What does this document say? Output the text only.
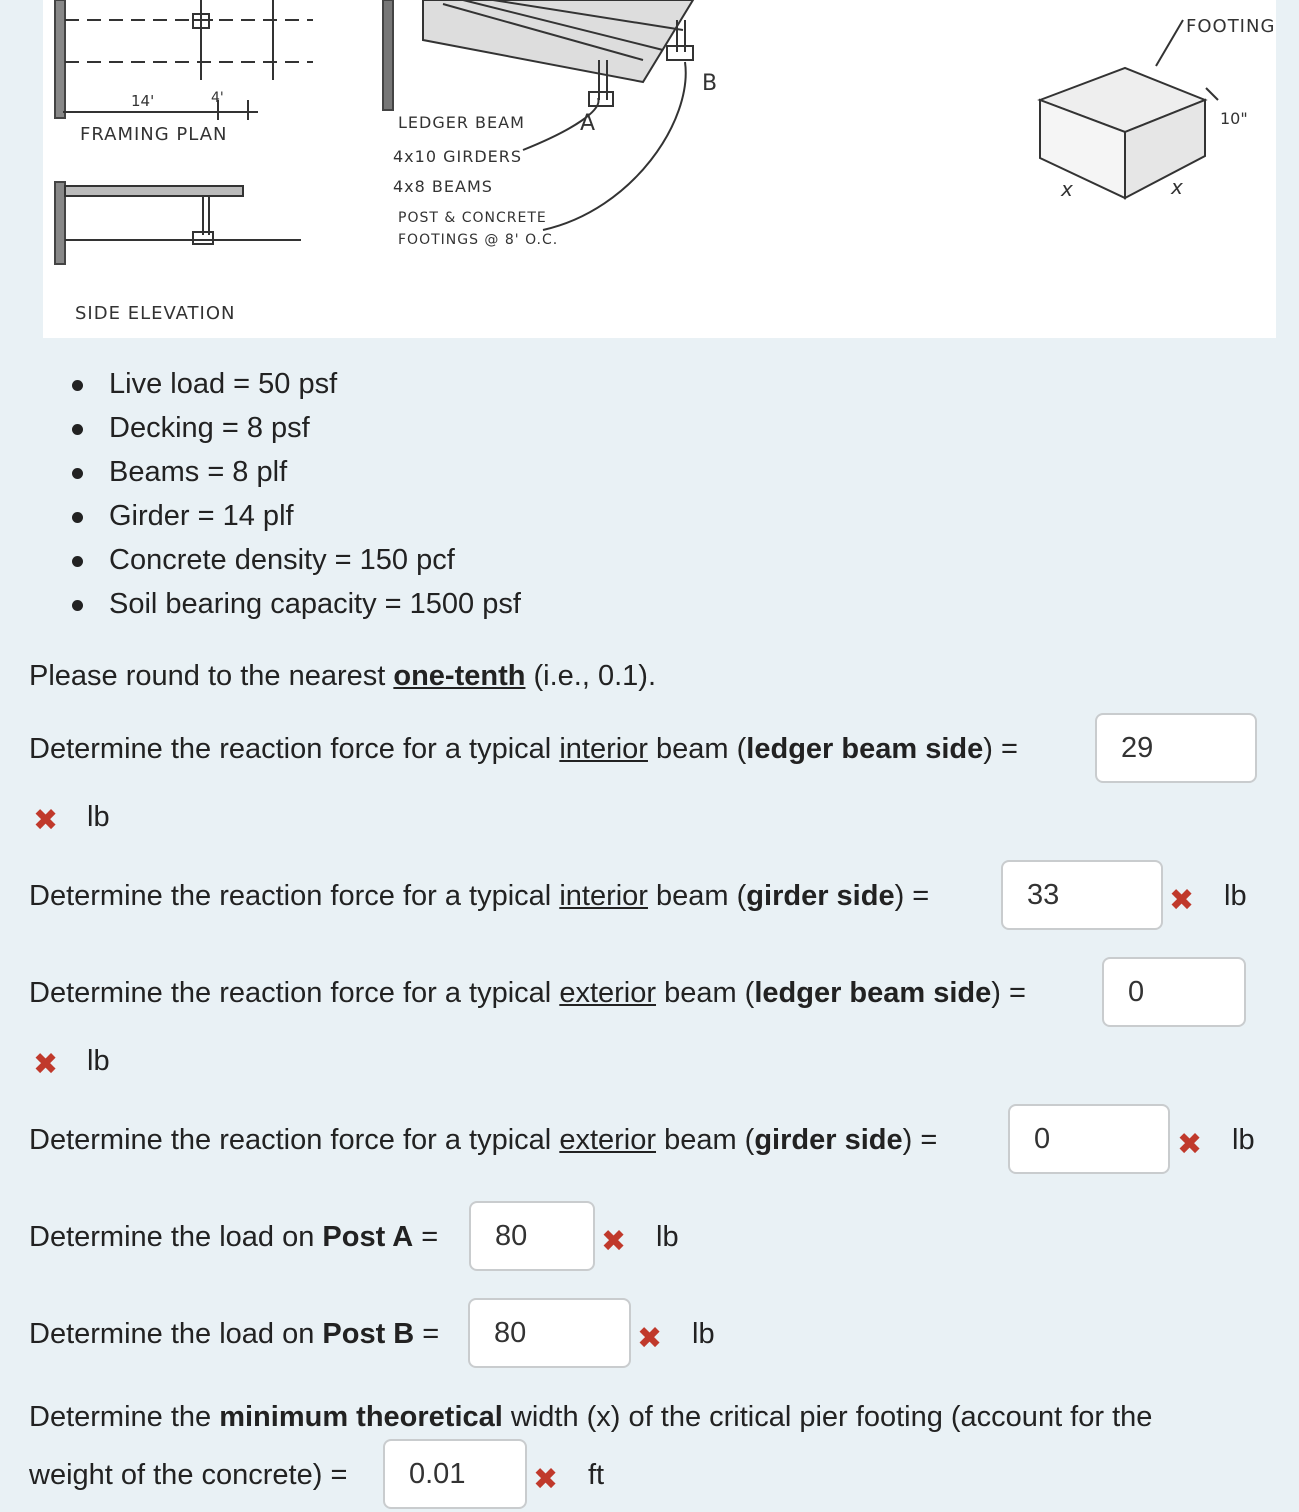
14'	4'
A
B
LEDGER BEAM
4x10 GIRDERS
4x8 BEAMS
POST & CONCRETE
FOOTINGS @ 8' O.C.
FOOTING
10"
x	x
FRAMING PLAN
SIDE ELEVATION
Live load = 50 psf
Decking = 8 psf
Beams = 8 plf
Girder = 14 plf
Concrete density = 150 pcf
Soil bearing capacity = 1500 psf
Please round to the nearest one-tenth (i.e., 0.1).
Determine the reaction force for a typical interior beam (ledger beam side) =	29
✖ lb
Determine the reaction force for a typical interior beam (girder side) =	33	✖ lb
Determine the reaction force for a typical exterior beam (ledger beam side) =	0
✖ lb
Determine the reaction force for a typical exterior beam (girder side) =	0	✖ lb
Determine the load on Post A =	80	✖ lb
Determine the load on Post B =	80	✖ lb
Determine the minimum theoretical width (x) of the critical pier footing (account for the
weight of the concrete) =	0.01	✖ ft
